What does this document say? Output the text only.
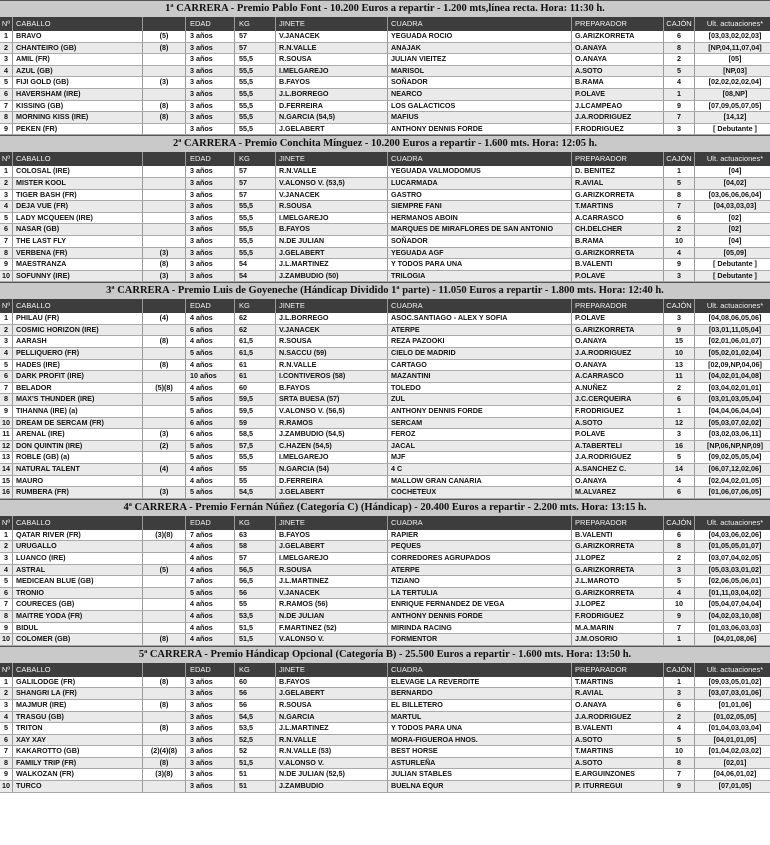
1ª CARRERA - Premio Pablo Font - 10.200 Euros a repartir - 1.200 mts,línea recta. Hora: 11:30 h.
Nº CABALLO	EDAD	KG	JINETE	CUADRA	PREPARADOR	CAJÓN Ult. actuaciones*
1 BRAVO	(5)	3 años	57	V.JANACEK	YEGUADA ROCIO	G.ARIZKORRETA	6	[03,03,02,02,03]
2 CHANTEIRO (GB)	(8)	3 años	57	R.N.VALLE	ANAJAK	O.ANAYA	8	[NP,04,11,07,04]
3 AMIL (FR)	3 años	55,5	R.SOUSA	JULIAN VIEITEZ	O.ANAYA	2	[05]
4 AZUL (GB)	3 años	55,5	I.MELGAREJO	MARISOL	A.SOTO	5	[NP,03]
5 FIJI GOLD (GB)	(3)	3 años	55,5	B.FAYOS	SOÑADOR	B.RAMA	4	[02,02,02,02,04]
6 HAVERSHAM (IRE)	3 años	55,5	J.L.BORREGO	NEARCO	P.OLAVE	1	[08,NP]
7 KISSING (GB)	(8)	3 años	55,5	D.FERREIRA	LOS GALACTICOS	J.LCAMPEAO	9	[07,09,05,07,05]
8 MORNING KISS (IRE)	(8)	3 años	55,5	N.GARCIA (54,5)	MAFIUS	J.A.RODRIGUEZ	7	[14,12]
9 PEKEN (FR)	3 años	55,5	J.GELABERT	ANTHONY DENNIS FORDE	F.RODRIGUEZ	3	[ Debutante ]
2ª CARRERA - Premio Conchita Mínguez - 10.200 Euros a repartir - 1.600 mts. Hora: 12:05 h.
Nº CABALLO	EDAD	KG	JINETE	CUADRA	PREPARADOR	CAJÓN Ult. actuaciones*
1 COLOSAL (IRE)	3 años	57	R.N.VALLE	YEGUADA VALMODOMUS	D. BENITEZ	1	[04]
2 MISTER KOOL	3 años	57	V.ALONSO V. (53,5)	LUCARMADA	R.AVIAL	5	[04,02]
3 TIGER BASH (FR)	3 años	57	V.JANACEK	GASTRO	G.ARIZKORRETA	8	[03,06,06,06,04]
4 DEJA VUE (FR)	3 años	55,5	R.SOUSA	SIEMPRE FANI	T.MARTINS	7	[04,03,03,03]
5 LADY MCQUEEN (IRE)	3 años	55,5	I.MELGAREJO	HERMANOS ABOIN	A.CARRASCO	6	[02]
6 NASAR (GB)	3 años	55,5	B.FAYOS	MARQUES DE MIRAFLORES DE SAN ANTONIO	CH.DELCHER	2	[02]
7 THE LAST FLY	3 años	55,5	N.DE JULIAN	SOÑADOR	B.RAMA	10	[04]
8 VERBENA (FR)	(3)	3 años	55,5	J.GELABERT	YEGUADA AGF	G.ARIZKORRETA	4	[05,09]
9 MAESTRANZA	(8)	3 años	54	J.L.MARTINEZ	Y TODOS PARA UNA	B.VALENTI	9	[ Debutante ]
10 SOFUNNY (IRE)	(3)	3 años	54	J.ZAMBUDIO (50)	TRILOGIA	P.OLAVE	3	[ Debutante ]
3ª CARRERA - Premio Luis de Goyeneche (Hándicap Dividido 1ª parte) - 11.050 Euros a repartir - 1.800 mts. Hora: 12:40 h.
Nº CABALLO	EDAD	KG	JINETE	CUADRA	PREPARADOR	CAJÓN Ult. actuaciones*
1 PHILAU (FR)	(4)	4 años	62	J.L.BORREGO	ASOC.SANTIAGO - ALEX Y SOFIA	P.OLAVE	3	[04,08,06,05,06]
2 COSMIC HORIZON (IRE)	6 años	62	V.JANACEK	ATERPE	G.ARIZKORRETA	9	[03,01,11,05,04]
3 AARASH	(8)	4 años	61,5	R.SOUSA	REZA PAZOOKI	O.ANAYA	15	[02,01,06,01,07]
4 PELLIQUERO (FR)	5 años	61,5	N.SACCU (59)	CIELO DE MADRID	J.A.RODRIGUEZ	10	[05,02,01,02,04]
5 HADES (IRE)	(8)	4 años	61	R.N.VALLE	CARTAGO	O.ANAYA	13	[02,09,NP,04,06]
6 DARK PROFIT (IRE)	10 años	61	I.CONTIVEROS (58)	MAZANTINI	A.CARRASCO	11	[04,02,01,04,08]
7 BELADOR	(5)(8) 4 años	60	B.FAYOS	TOLEDO	A.NUÑEZ	2	[03,04,02,01,01]
8 MAX'S THUNDER (IRE)	5 años	59,5	SRTA BUESA (57)	ZUL	J.C.CERQUEIRA	6	[03,01,03,05,04]
9 TIHANNA (IRE) (a)	5 años	59,5	V.ALONSO V. (56,5)	ANTHONY DENNIS FORDE	F.RODRIGUEZ	1	[04,04,06,04,04]
10 DREAM DE SERCAM (FR)	6 años	59	R.RAMOS	SERCAM	A.SOTO	12	[05,03,07,02,02]
11 ARENAL (IRE)	(3)	6 años	58,5	J.ZAMBUDIO (54,5)	FEROZ	P.OLAVE	3	[03,02,03,06,11]
12 DON QUINTIN (IRE)	(2)	5 años	57,5	C.HAZEN (54,5)	JACAL	A.TABERTELI	16	[NP,06,NP,NP,09]
13 ROBLE (GB) (a)	5 años	55,5	I.MELGAREJO	MJF	J.A.RODRIGUEZ	5	[09,02,05,05,04]
14 NATURAL TALENT	(4)	4 años	55	N.GARCIA (54)	4 C	A.SANCHEZ C.	14	[06,07,12,02,06]
15 MAURO	4 años	55	D.FERREIRA	MALLOW GRAN CANARIA	O.ANAYA	4	[02,04,02,01,05]
16 RUMBERA (FR)	(3)	5 años	54,5	J.GELABERT	COCHETEUX	M.ALVAREZ	6	[01,06,07,06,05]
4ª CARRERA - Premio Fernán Núñez (Categoría C) (Hándicap) - 20.400 Euros a repartir - 2.200 mts. Hora: 13:15 h.
Nº CABALLO	EDAD	KG	JINETE	CUADRA	PREPARADOR	CAJÓN Ult. actuaciones*
1 QATAR RIVER (FR)	(3)(8) 7 años	63	B.FAYOS	RAPIER	B.VALENTI	6	[04,03,06,02,06]
2 URUGALLO	4 años	58	J.GELABERT	PEQUES	G.ARIZKORRETA	8	[01,05,05,01,07]
3 LUANCO (IRE)	4 años	57	I.MELGAREJO	CORREDORES AGRUPADOS	J.LOPEZ	2	[03,07,04,02,05]
4 ASTRAL	(5)	4 años	56,5	R.SOUSA	ATERPE	G.ARIZKORRETA	3	[05,03,03,01,02]
5 MEDICEAN BLUE (GB)	7 años	56,5	J.L.MARTINEZ	TIZIANO	J.L.MAROTO	5	[02,06,05,06,01]
6 TRONIO	5 años	56	V.JANACEK	LA TERTULIA	G.ARIZKORRETA	4	[01,11,03,04,02]
7 COURECES (GB)	4 años	55	R.RAMOS (56)	ENRIQUE FERNANDEZ DE VEGA	J.LOPEZ	10	[05,04,07,04,04]
8 MAITRE YODA (FR)	4 años	53,5	N.DE JULIAN	ANTHONY DENNIS FORDE	F.RODRIGUEZ	9	[04,02,03,10,08]
9 BIDUL	4 años	51,5	F.MARTINEZ (52)	MIRINDA RACING	M.A.MARIN	7	[01,03,06,03,03]
10 COLOMER (GB)	(8)	4 años	51,5	V.ALONSO V.	FORMENTOR	J.M.OSORIO	1	[04,01,08,06]
5ª CARRERA - Premio Hándicap Opcional (Categoría B) - 25.500 Euros a repartir - 1.600 mts. Hora: 13:50 h.
Nº CABALLO	EDAD	KG	JINETE	CUADRA	PREPARADOR	CAJÓN Ult. actuaciones*
1 GALILODGE (FR)	(8)	3 años	60	B.FAYOS	ELEVAGE LA REVERDITE	T.MARTINS	1	[09,03,05,01,02]
2 SHANGRI LA (FR)	3 años	56	J.GELABERT	BERNARDO	R.AVIAL	3	[03,07,03,01,06]
3 MAJMUR (IRE)	(8)	3 años	56	R.SOUSA	EL BILLETERO	O.ANAYA	6	[01,01,06]
4 TRASGU (GB)	3 años	54,5	N.GARCIA	MARTUL	J.A.RODRIGUEZ	2	[01,02,05,05]
5 TRITON	(8)	3 años	53,5	J.L.MARTINEZ	Y TODOS PARA UNA	B.VALENTI	4	[01,04,03,03,04]
6 XAY XAY	3 años	52,5	R.N.VALLE	MORA-FIGUEROA HNOS.	A.SOTO	5	[04,01,01,05]
7 KAKAROTTO (GB)	(2)(4)(8) 3 años	52	R.N.VALLE (53)	BEST HORSE	T.MARTINS	10	[01,04,02,03,02]
8 FAMILY TRIP (FR)	(8)	3 años	51,5	V.ALONSO V.	ASTURLEÑA	A.SOTO	8	[02,01]
9 WALKOZAN (FR)	(3)(8) 3 años	51	N.DE JULIAN (52,5)	JULIAN STABLES	E.ARGUINZONES	7	[04,06,01,02]
10 TURCO	3 años	51	J.ZAMBUDIO	BUELNA EQUR	P. ITURREGUI	9	[07,01,05]
